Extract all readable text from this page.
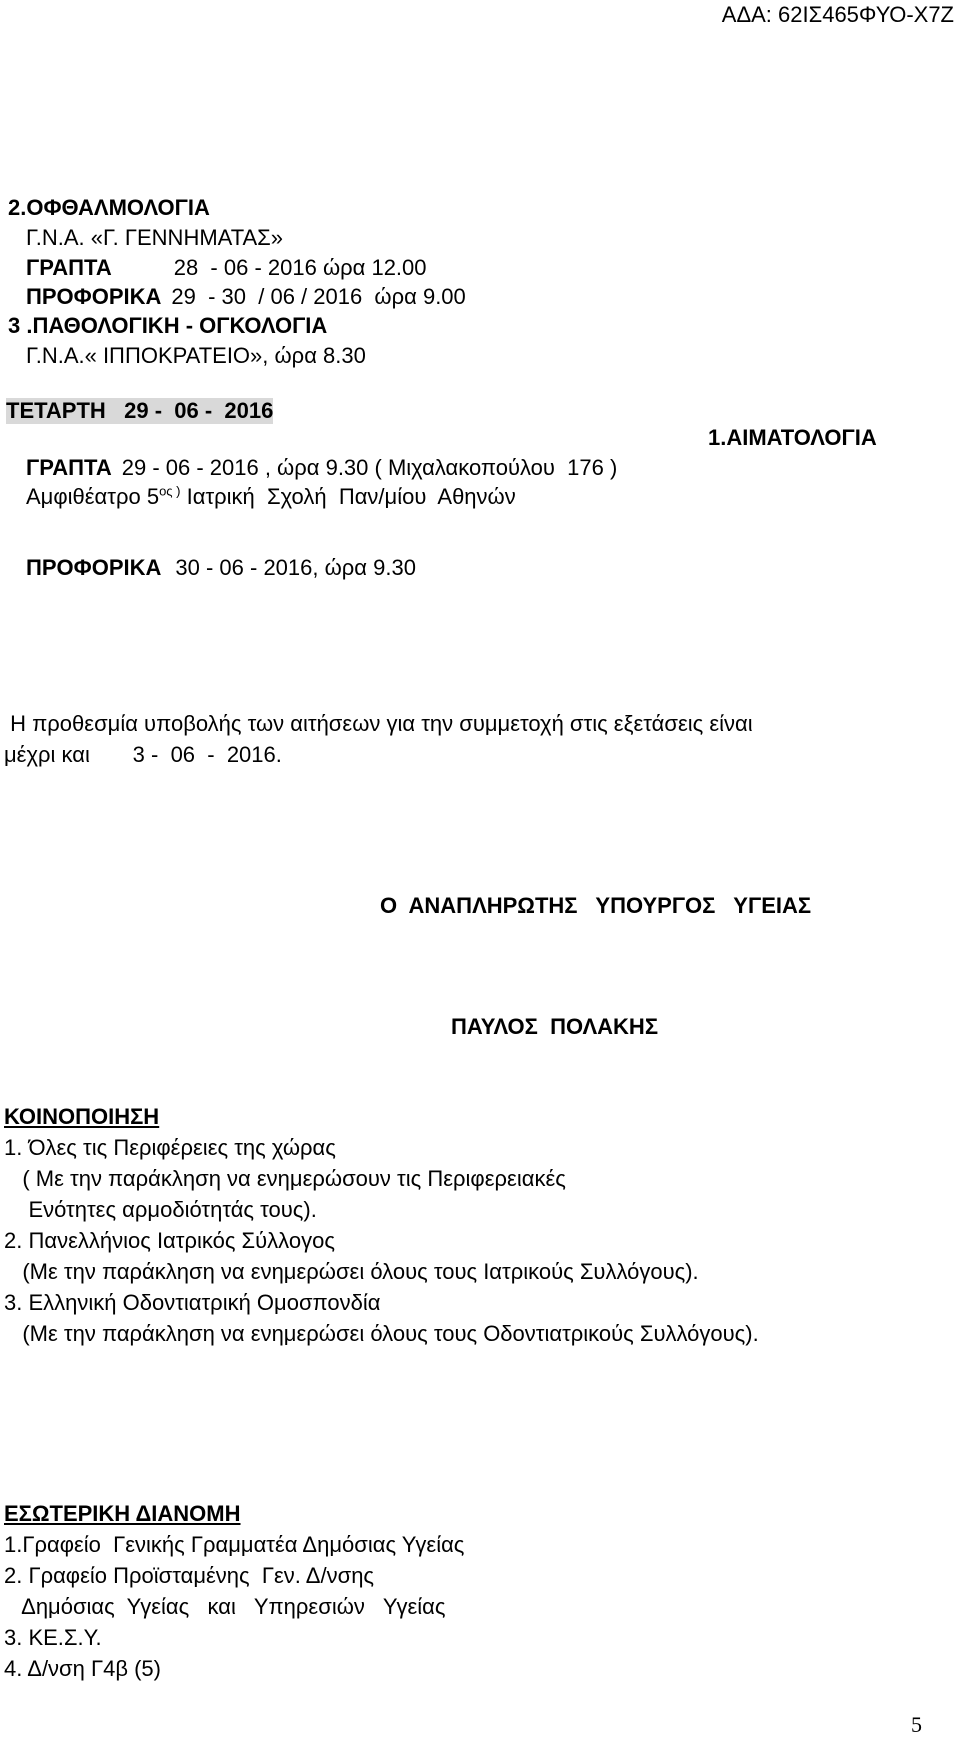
ΑΔΑ: 62ΙΣ465ΦΥΟ-Χ7Ζ
2.ΟΦΘΑΛΜΟΛΟΓΙΑ
Γ.Ν.Α. «Γ. ΓΕΝΝΗΜΑΤΑΣ»
ΓΡΑΠΤΑ	28  - 06 - 2016 ώρα 12.00
ΠΡΟΦΟΡΙΚΑ 29  - 30  / 06 / 2016  ώρα 9.00
3 .ΠΑΘΟΛΟΓΙΚΗ - ΟΓΚΟΛΟΓΙΑ
Γ.Ν.Α.« ΙΠΠΟΚΡΑΤΕΙΟ», ώρα 8.30
ΤΕΤΑΡΤΗ   29 -  06 -  2016
1.ΑΙΜΑΤΟΛΟΓΙΑ
ΓΡΑΠΤΑ 29 - 06 - 2016 , ώρα 9.30 ( Μιχαλακοπούλου  176 )
Αμφιθέατρο $5^{o\varsigma )}$ Ιατρική  Σχολή  Παν/μίου  Αθηνών
ΠΡΟΦΟΡΙΚΑ 30 - 06 - 2016, ώρα 9.30
Η προθεσμία υποβολής των αιτήσεων για την συμμετοχή στις εξετάσεις είναι
μέχρι και       3 -  06  -  2016.
Ο  ΑΝΑΠΛΗΡΩΤΗΣ   ΥΠΟΥΡΓΟΣ   ΥΓΕΙΑΣ
ΠΑΥΛΟΣ  ΠΟΛΑΚΗΣ
ΚΟΙΝΟΠΟΙΗΣΗ
1. Όλες τις Περιφέρειες της χώρας
( Με την παράκληση να ενημερώσουν τις Περιφερειακές
Ενότητες αρμοδιότητάς τους).
2. Πανελλήνιος Ιατρικός Σύλλογος
(Με την παράκληση να ενημερώσει όλους τους Ιατρικούς Συλλόγους).
3. Ελληνική Οδοντιατρική Ομοσπονδία
(Με την παράκληση να ενημερώσει όλους τους Οδοντιατρικούς Συλλόγους).
ΕΣΩΤΕΡΙΚΗ ΔΙΑΝΟΜΗ
1.Γραφείο  Γενικής Γραμματέα Δημόσιας Υγείας
2. Γραφείο Προϊσταμένης  Γεν. Δ/νσης
Δημόσιας  Υγείας   και   Υπηρεσιών   Υγείας
3. ΚΕ.Σ.Υ.
4. Δ/νση Γ4β (5)
5
